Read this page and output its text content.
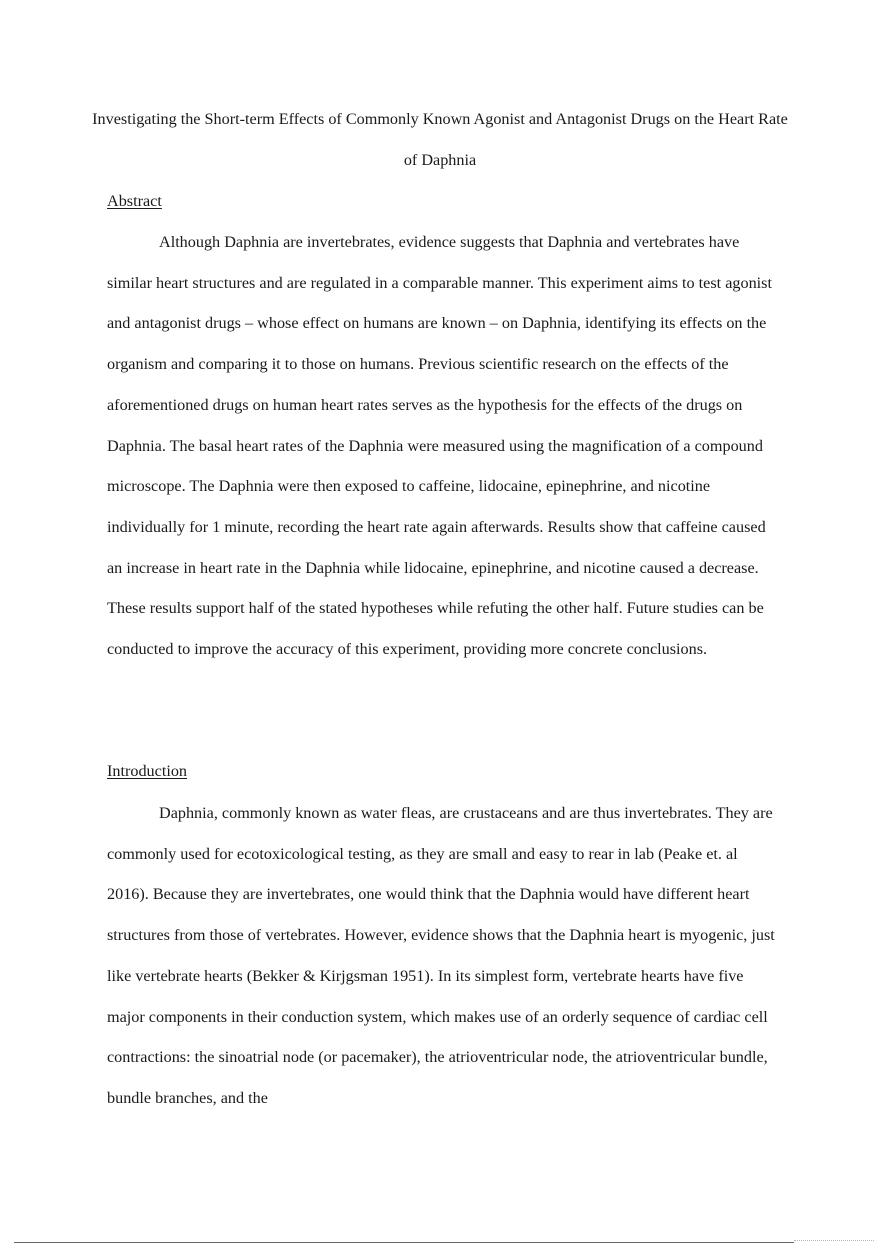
Investigating the Short-term Effects of Commonly Known Agonist and Antagonist Drugs on the Heart Rate of Daphnia
Abstract

Although Daphnia are invertebrates, evidence suggests that Daphnia and vertebrates have similar heart structures and are regulated in a comparable manner. This experiment aims to test agonist and antagonist drugs – whose effect on humans are known – on Daphnia, identifying its effects on the organism and comparing it to those on humans. Previous scientific research on the effects of the aforementioned drugs on human heart rates serves as the hypothesis for the effects of the drugs on Daphnia. The basal heart rates of the Daphnia were measured using the magnification of a compound microscope. The Daphnia were then exposed to caffeine, lidocaine, epinephrine, and nicotine individually for 1 minute, recording the heart rate again afterwards. Results show that caffeine caused an increase in heart rate in the Daphnia while lidocaine, epinephrine, and nicotine caused a decrease. These results support half of the stated hypotheses while refuting the other half. Future studies can be conducted to improve the accuracy of this experiment, providing more concrete conclusions.

Introduction

Daphnia, commonly known as water fleas, are crustaceans and are thus invertebrates. They are commonly used for ecotoxicological testing, as they are small and easy to rear in lab (Peake et. al 2016). Because they are invertebrates, one would think that the Daphnia would have different heart structures from those of vertebrates. However, evidence shows that the Daphnia heart is myogenic, just like vertebrate hearts (Bekker & Kirjgsman 1951). In its simplest form, vertebrate hearts have five major components in their conduction system, which makes use of an orderly sequence of cardiac cell contractions: the sinoatrial node (or pacemaker), the atrioventricular node, the atrioventricular bundle, bundle branches, and the
